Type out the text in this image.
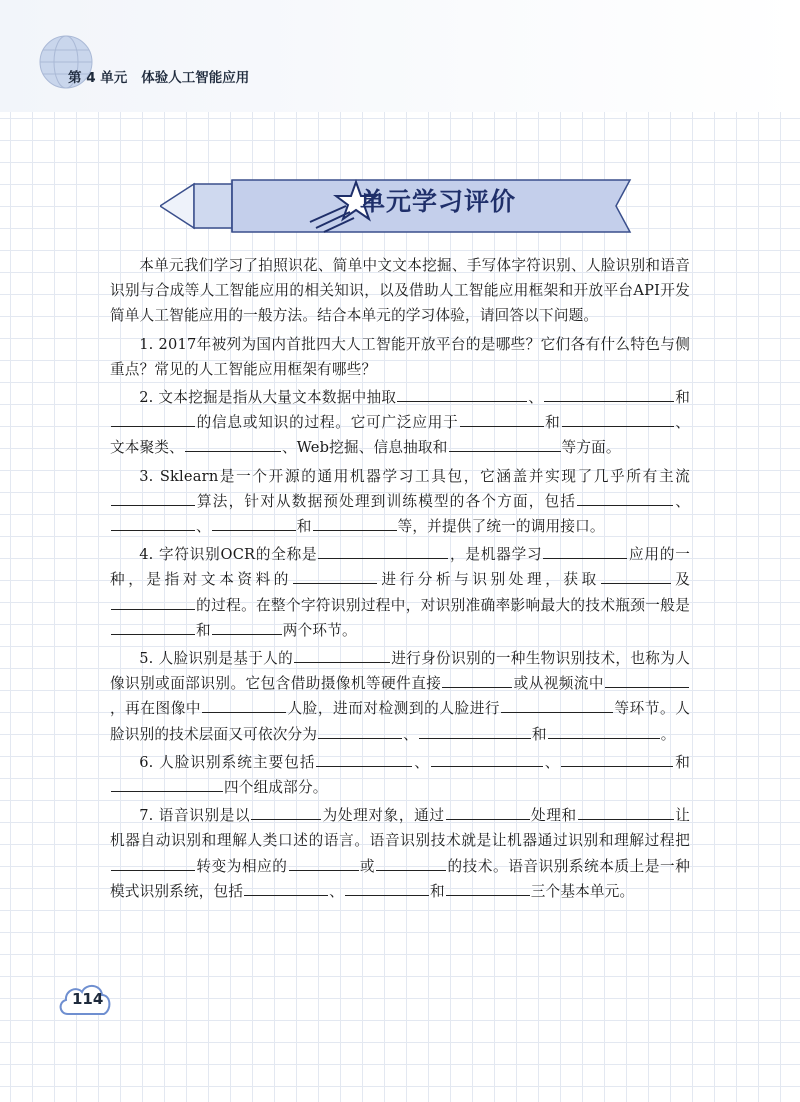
第 4 单元 体验人工智能应用
单元学习评价

本单元我们学习了拍照识花、简单中文文本挖掘、手写体字符识别、人脸识别和语音识别与合成等人工智能应用的相关知识，以及借助人工智能应用框架和开放平台API开发简单人工智能应用的一般方法。结合本单元的学习体验，请回答以下问题。

1. 2017年被列为国内首批四大人工智能开放平台的是哪些？它们各有什么特色与侧重点？常见的人工智能应用框架有哪些？

2. 文本挖掘是指从大量文本数据中抽取	、	和的信息或知识的过程。它可广泛应用于	和	、文本聚类、	、Web挖掘、信息抽取和	等方面。

3. Sklearn是一个开源的通用机器学习工具包，它涵盖并实现了几乎所有主流算法，针对从数据预处理到训练模型的各个方面，包括	、、	和	等，并提供了统一的调用接口。

4. 字符识别OCR的全称是	，是机器学习	应用的一种，是指对文本资料的	进行分析与识别处理，获取	及的过程。在整个字符识别过程中，对识别准确率影响最大的技术瓶颈一般是和	两个环节。

5. 人脸识别是基于人的	进行身份识别的一种生物识别技术，也称为人像识别或面部识别。它包含借助摄像机等硬件直接	或从视频流中，再在图像中	人脸，进而对检测到的人脸进行	等环节。人脸识别的技术层面又可依次分为	、	和	。

6. 人脸识别系统主要包括	、	、	和四个组成部分。

7. 语音识别是以	为处理对象，通过	处理和	让机器自动识别和理解人类口述的语言。语音识别技术就是让机器通过识别和理解过程把转变为相应的	或	的技术。语音识别系统本质上是一种模式识别系统，包括	、	和	三个基本单元。

114
